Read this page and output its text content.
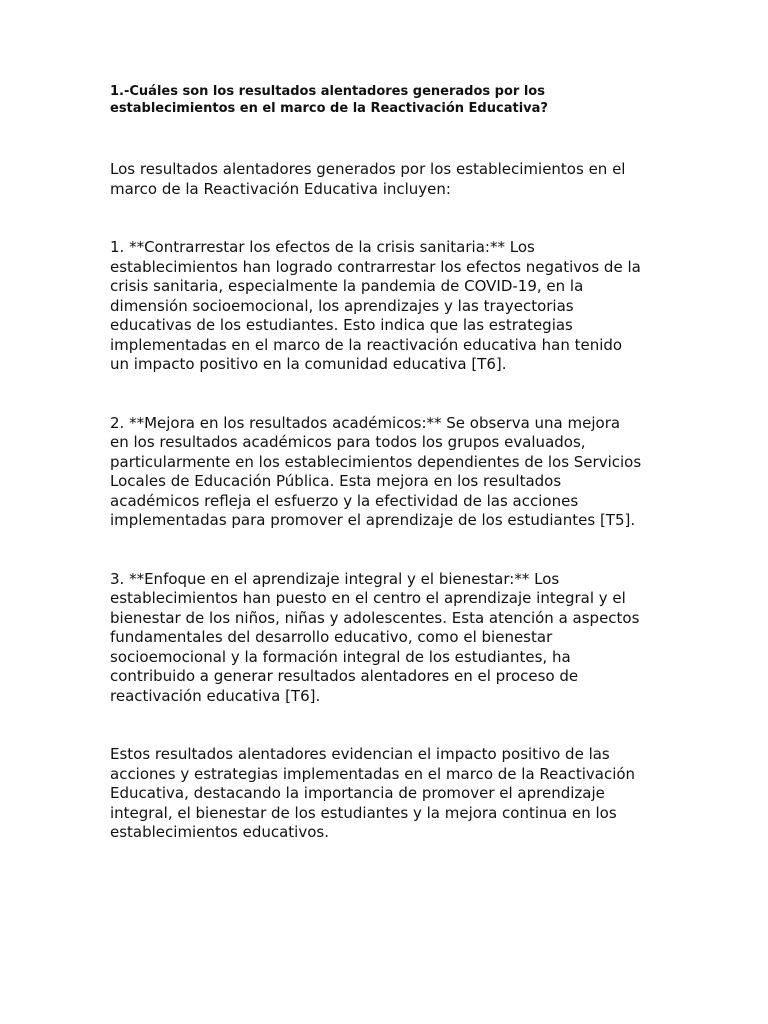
1.-Cuáles son los resultados alentadores generados por los
establecimientos en el marco de la Reactivación Educativa?

Los resultados alentadores generados por los establecimientos en el
marco de la Reactivación Educativa incluyen:

1. **Contrarrestar los efectos de la crisis sanitaria:** Los
establecimientos han logrado contrarrestar los efectos negativos de la
crisis sanitaria, especialmente la pandemia de COVID-19, en la
dimensión socioemocional, los aprendizajes y las trayectorias
educativas de los estudiantes. Esto indica que las estrategias
implementadas en el marco de la reactivación educativa han tenido
un impacto positivo en la comunidad educativa [T6].

2. **Mejora en los resultados académicos:** Se observa una mejora
en los resultados académicos para todos los grupos evaluados,
particularmente en los establecimientos dependientes de los Servicios
Locales de Educación Pública. Esta mejora en los resultados
académicos refleja el esfuerzo y la efectividad de las acciones
implementadas para promover el aprendizaje de los estudiantes [T5].

3. **Enfoque en el aprendizaje integral y el bienestar:** Los
establecimientos han puesto en el centro el aprendizaje integral y el
bienestar de los niños, niñas y adolescentes. Esta atención a aspectos
fundamentales del desarrollo educativo, como el bienestar
socioemocional y la formación integral de los estudiantes, ha
contribuido a generar resultados alentadores en el proceso de
reactivación educativa [T6].

Estos resultados alentadores evidencian el impacto positivo de las
acciones y estrategias implementadas en el marco de la Reactivación
Educativa, destacando la importancia de promover el aprendizaje
integral, el bienestar de los estudiantes y la mejora continua en los
establecimientos educativos.
